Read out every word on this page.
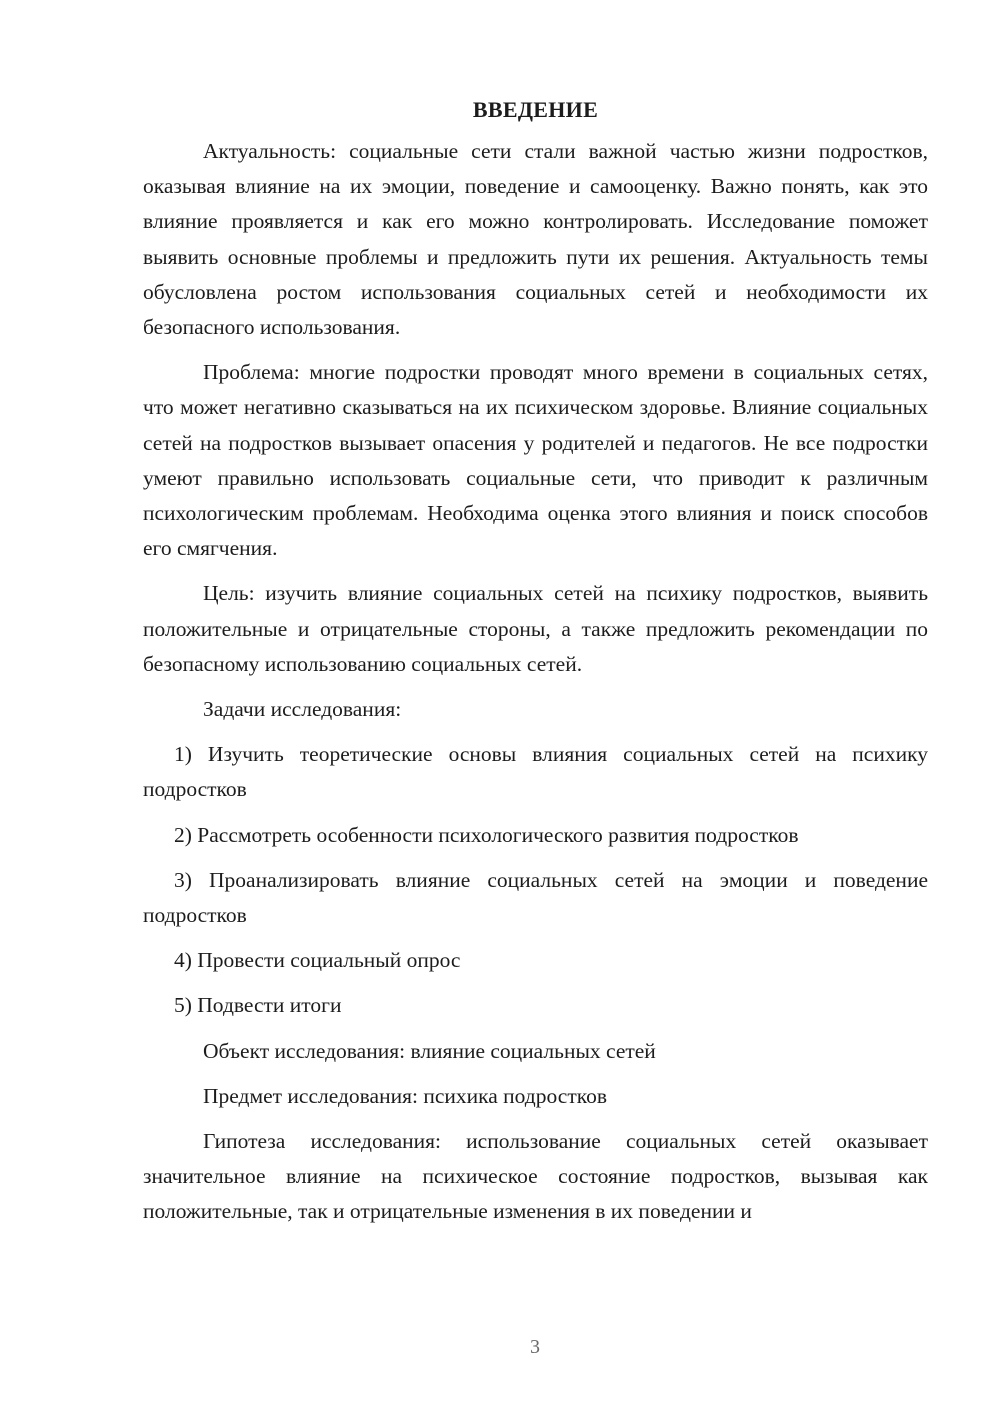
ВВЕДЕНИЕ

Актуальность: социальные сети стали важной частью жизни подростков, оказывая влияние на их эмоции, поведение и самооценку. Важно понять, как это влияние проявляется и как его можно контролировать. Исследование поможет выявить основные проблемы и предложить пути их решения. Актуальность темы обусловлена ростом использования социальных сетей и необходимости их безопасного использования.

Проблема: многие подростки проводят много времени в социальных сетях, что может негативно сказываться на их психическом здоровье. Влияние социальных сетей на подростков вызывает опасения у родителей и педагогов. Не все подростки умеют правильно использовать социальные сети, что приводит к различным психологическим проблемам. Необходима оценка этого влияния и поиск способов его смягчения.

Цель: изучить влияние социальных сетей на психику подростков, выявить положительные и отрицательные стороны, а также предложить рекомендации по безопасному использованию социальных сетей.

Задачи исследования:

1) Изучить теоретические основы влияния социальных сетей на психику подростков

2) Рассмотреть особенности психологического развития подростков

3) Проанализировать влияние социальных сетей на эмоции и поведение подростков

4) Провести социальный опрос

5) Подвести итоги

Объект исследования: влияние социальных сетей

Предмет исследования: психика подростков

Гипотеза исследования: использование социальных сетей оказывает значительное влияние на психическое состояние подростков, вызывая как положительные, так и отрицательные изменения в их поведении и

3
